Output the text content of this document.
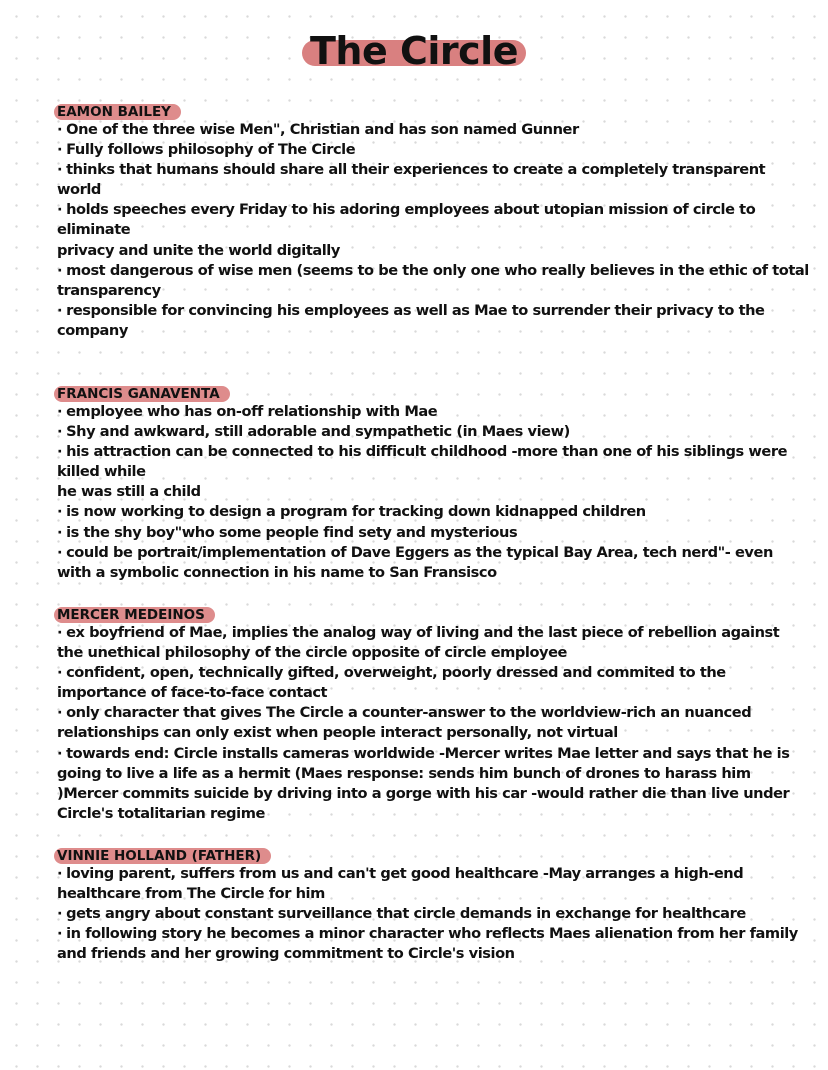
The Circle
EAMON BAILEY
· One of the three wise Men", Christian and has son named Gunner
· Fully follows philosophy of The Circle
· thinks that humans should share all their experiences to create a completely transparent world
· holds speeches every Friday to his adoring employees about utopian mission of circle to eliminate
privacy and unite the world digitally
· most dangerous of wise men (seems to be the only one who really believes in the ethic of total
transparency
· responsible for convincing his employees as well as Mae to surrender their privacy to the company
FRANCIS GANAVENTA
· employee who has on-off relationship with Mae
· Shy and awkward, still adorable and sympathetic (in Maes view)
· his attraction can be connected to his difficult childhood -more than one of his siblings were killed while
he was still a child
· is now working to design a program for tracking down kidnapped children
· is the shy boy"who some people find sety and mysterious
· could be portrait/implementation of Dave Eggers as the typical Bay Area, tech nerd"- even with a symbolic connection in his name to San Fransisco
MERCER MEDEINOS
· ex boyfriend of Mae, implies the analog way of living and the last piece of rebellion against the unethical philosophy of the circle opposite of circle employee
· confident, open, technically gifted, overweight, poorly dressed and commited to the importance of face-to-face contact
· only character that gives The Circle a counter-answer to the worldview-rich an nuanced relationships can only exist when people interact personally, not virtual
· towards end: Circle installs cameras worldwide -Mercer writes Mae letter and says that he is going to live a life as a hermit (Maes response: sends him bunch of drones to harass him )Mercer commits suicide by driving into a gorge with his car -would rather die than live under Circle's totalitarian regime
VINNIE HOLLAND (FATHER)
· loving parent, suffers from us and can't get good healthcare -May arranges a high-end healthcare from The Circle for him
· gets angry about constant surveillance that circle demands in exchange for healthcare
· in following story he becomes a minor character who reflects Maes alienation from her family and friends and her growing commitment to Circle's vision
